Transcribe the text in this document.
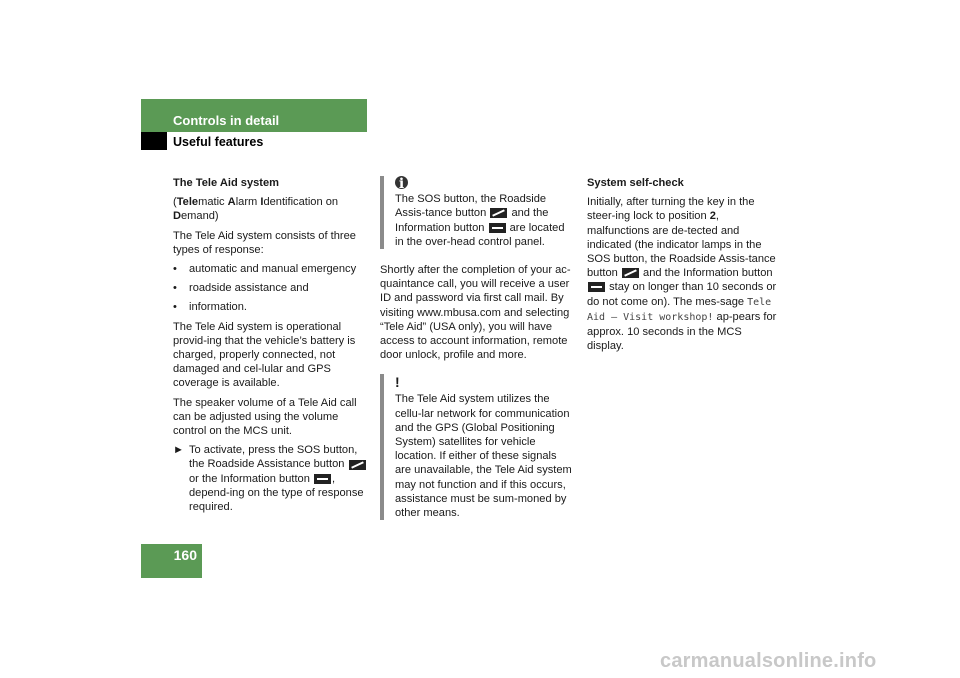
Controls in detail
Useful features

The Tele Aid system

(Telematic Alarm Identification on
Demand)

The Tele Aid system consists of three types of response:

•	automatic and manual emergency
•	roadside assistance and
•	information.

The Tele Aid system is operational provid-ing that the vehicle’s battery is charged, properly connected, not damaged and cel-lular and GPS coverage is available.

The speaker volume of a Tele Aid call can be adjusted using the volume control on the MCS unit.

► To activate, press the SOS button, the Roadside Assistance button  or the Information button , depend-ing on the type of response required.
i
The SOS button, the Roadside Assis-tance button and the Information button are located in the over-head control panel.

Shortly after the completion of your ac-quaintance call, you will receive a user ID and password via first call mail. By visiting www.mbusa.com and selecting “Tele Aid” (USA only), you will have access to account information, remote door unlock, profile and more.

!
The Tele Aid system utilizes the cellu-lar network for communication and the GPS (Global Positioning System) satellites for vehicle location. If either of these signals are unavailable, the Tele Aid system may not function and if this occurs, assistance must be sum-moned by other means.

System self-check

Initially, after turning the key in the steer-ing lock to position 2, malfunctions are de-tected and indicated (the indicator lamps in the SOS button, the Roadside Assis-tance button and the Information button  stay on longer than 10 seconds or do not come on). The mes-sage Tele Aid – Visit workshop! ap-pears for approx. 10 seconds in the MCS display.

160
carmanualsonline.info
